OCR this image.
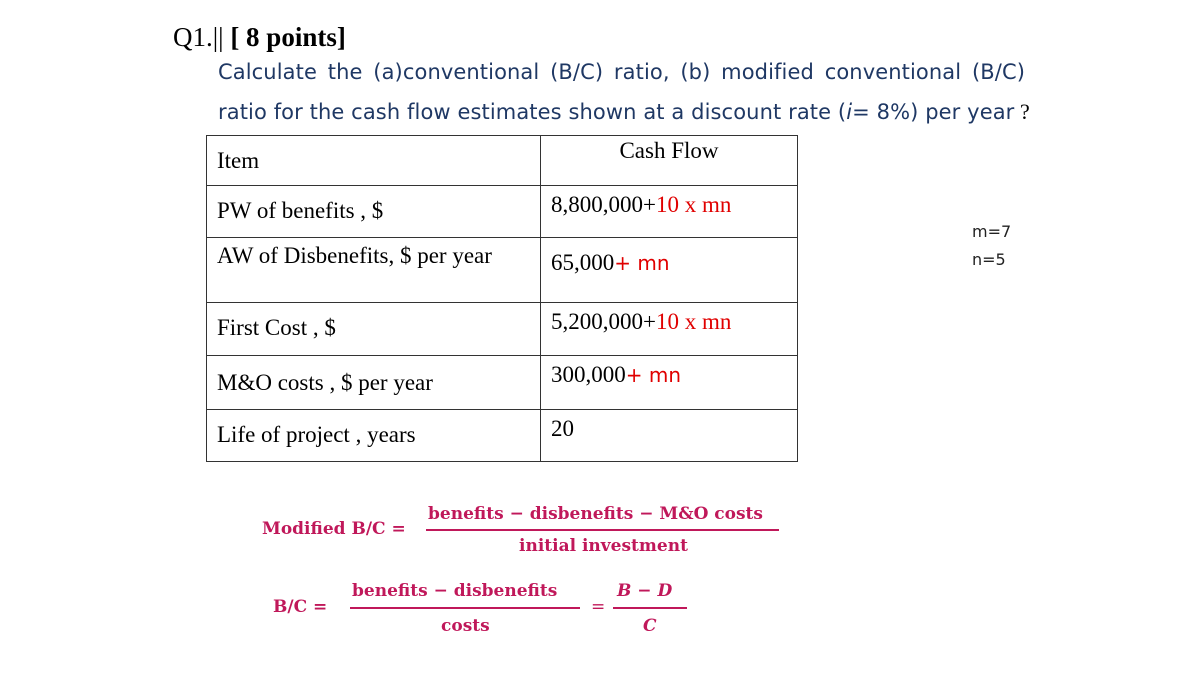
Q1.|| [ 8 points]
Calculate the (a)conventional (B/C) ratio, (b) modified conventional (B/C)
ratio for the cash flow estimates shown at a discount rate (i= 8%) per year ?
Item	Cash Flow
PW of benefits , $	8,800,000+10 x mn
AW of Disbenefits, $ per year	65,000+ mn
First Cost , $	5,200,000+10 x mn
M&O costs , $ per year	300,000+ mn
Life of project , years	20
m=7
n=5
Modified B/C =
benefits − disbenefits − M&O costs
initial investment
B/C =
benefits − disbenefits
costs
=
B − D
C
